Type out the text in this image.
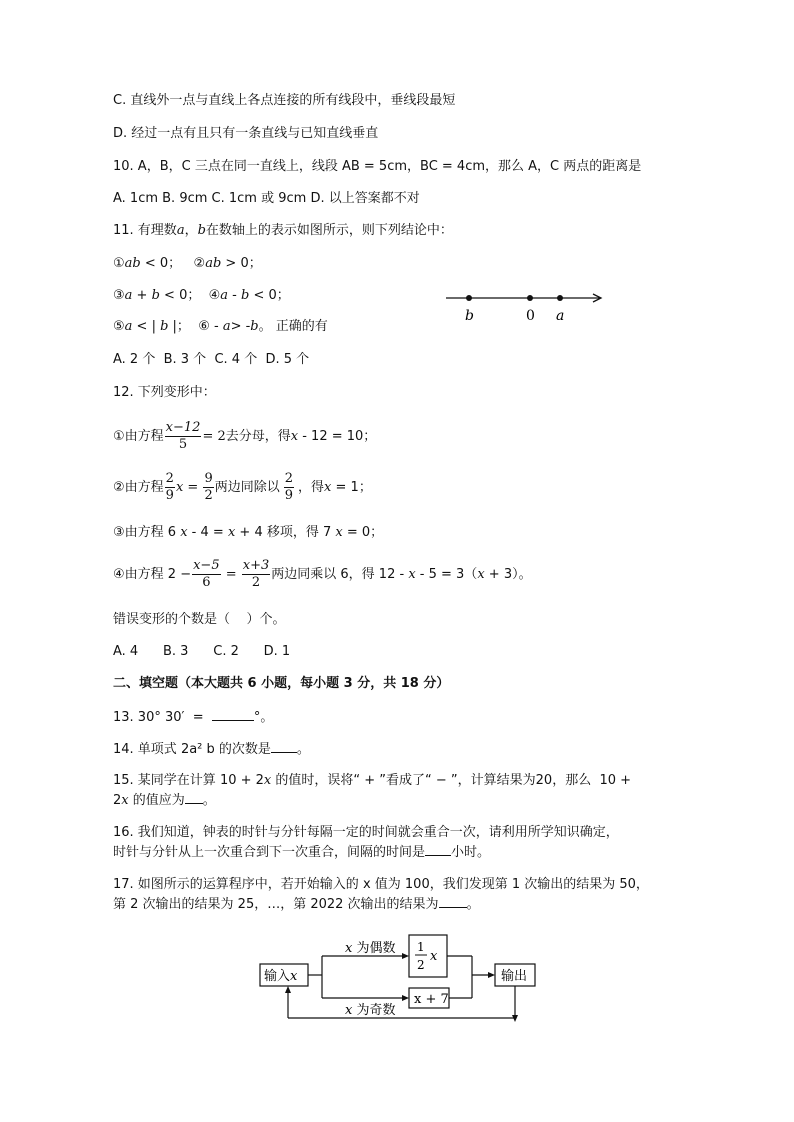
C. 直线外一点与直线上各点连接的所有线段中，垂线段最短
D. 经过一点有且只有一条直线与已知直线垂直
10. A，B，C 三点在同一直线上，线段 AB = 5cm，BC = 4cm，那么 A，C 两点的距离是
A. 1cm B. 9cm C. 1cm 或 9cm D. 以上答案都不对
11. 有理数a，b在数轴上的表示如图所示，则下列结论中：
①ab < 0；   ②ab > 0；
③a + b < 0；  ④a - b < 0；
⑤a < | b |；  ⑥ - a> -b。 正确的有
A. 2 个  B. 3 个  C. 4 个  D. 5 个
b	0 a
12. 下列变形中：
①由方程 $\frac{x-12}{5} = 2$去分母，得x - 12 = 10；
②由方程 $\frac{2}{9}$ $x = \frac{9}{2}$ 两边同除以 $\frac{2}{9}$ ，得x = 1；
③由方程 6 x - 4 = x + 4 移项，得 7 x = 0；
④由方程 $2 - \frac{x-5}{6} = \frac{x+3}{2}$ 两边同乘以 6，得 12 - x - 5 = 3（x + 3）。
错误变形的个数是（    ）个。
A. 4      B. 3      C. 2      D. 1
二、填空题（本大题共 6 小题，每小题 3 分，共 18 分）
13. 30° 30′  =	°。
14. 单项式 2a² b 的次数是 。
15. 某同学在计算 10 + 2x 的值时，误将“ + ”看成了“ − ”，计算结果为20，那么  10 +
2x 的值应为 。
16. 我们知道，钟表的时针与分针每隔一定的时间就会重合一次，请利用所学知识确定，
时针与分针从上一次重合到下一次重合，间隔的时间是 小时。
17. 如图所示的运算程序中，若开始输入的 x 值为 100，我们发现第 1 次输出的结果为 50，
第 2 次输出的结果为 25，…，第 2022 次输出的结果为 。
输入x
x 为偶数
x 为奇数
1
2
x
x + 7
输出
